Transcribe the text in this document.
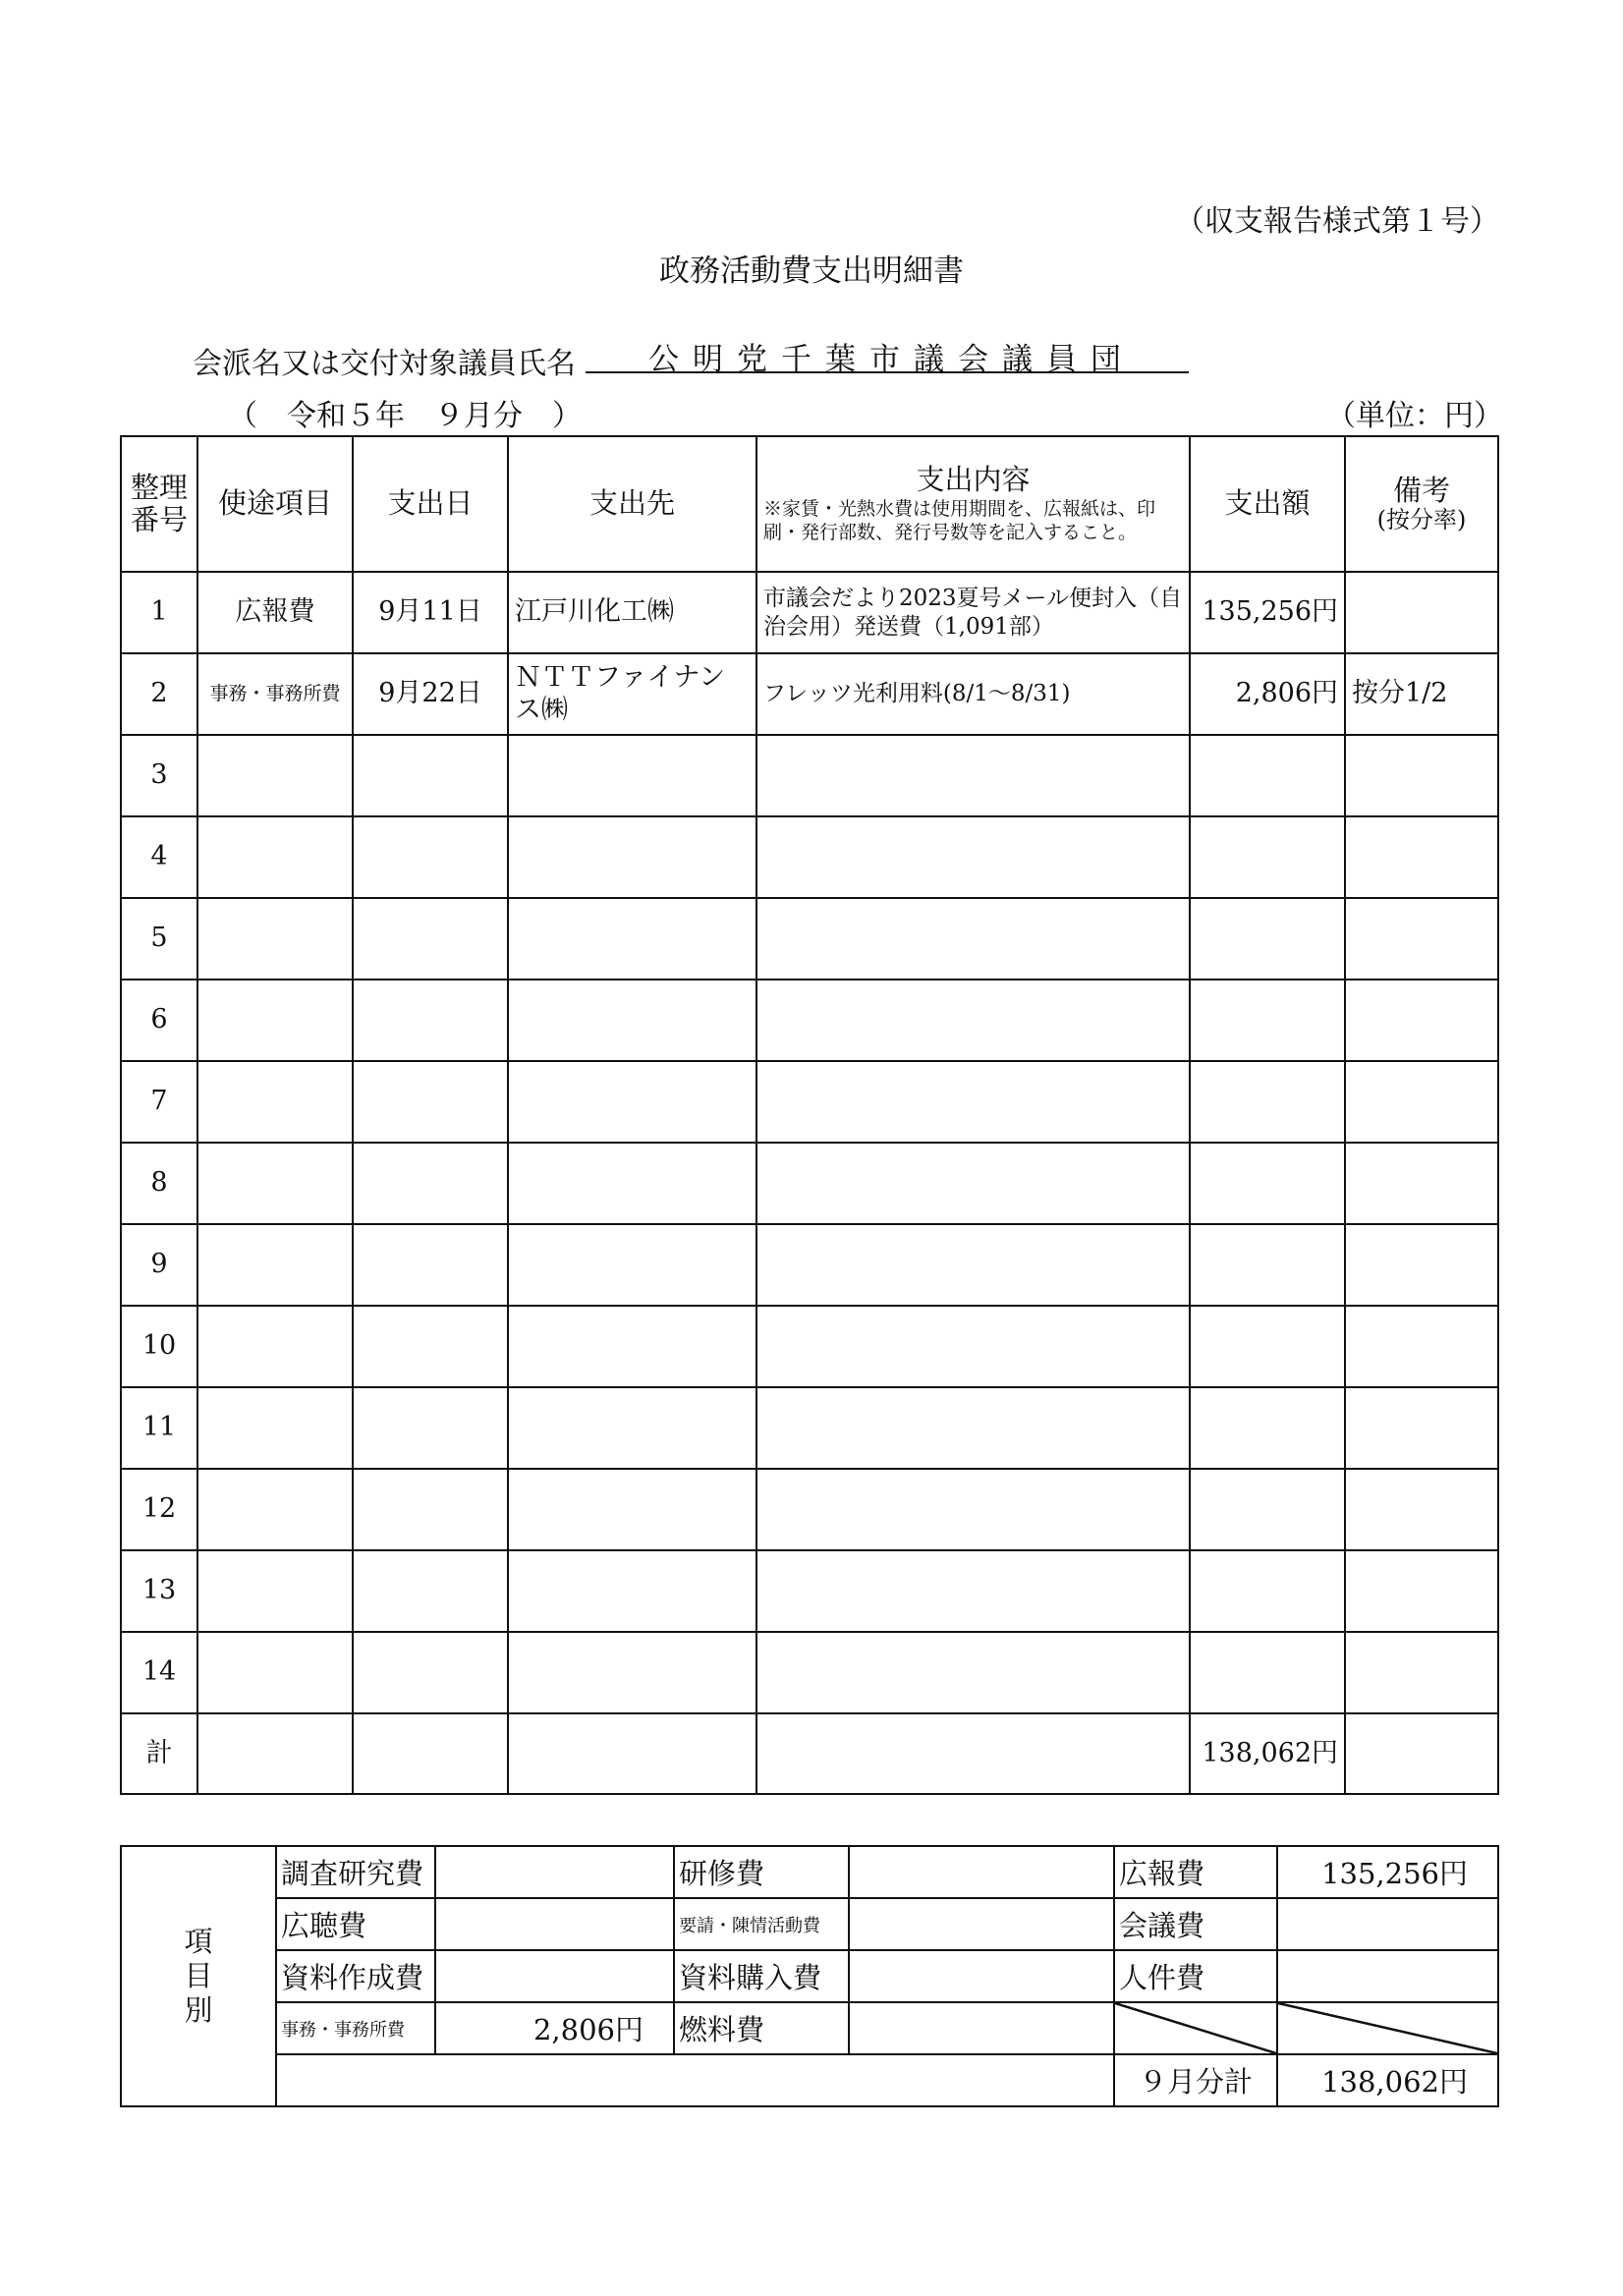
（収支報告様式第１号）
政務活動費支出明細書
会派名又は交付対象議員氏名	公明党千葉市議会議員団
（　令和５年　９月分　）	（単位：円）
整理番号	使途項目	支出日	支出先	支出内容
※家賃・光熱水費は使用期間を、広報紙は、印刷・発行部数、発行号数等を記入すること。	支出額	備考
(按分率)

1	広報費	9月11日	江戸川化工㈱	市議会だより2023夏号メール便封入（自治会用）発送費（1,091部）	135,256円	
2	事務・事務所費	9月22日	ＮＴＴファイナンス㈱	フレッツ光利用料(8/1～8/31)	2,806円	按分1/2
3						
4						
5						
6						
7						
8						
9						
10						
11						
12						
13						
14						
計					138,062円	
項目別	調査研究費		研修費		広報費	135,256円
	広聴費		要請・陳情活動費		会議費	
	資料作成費		資料購入費		人件費	
	事務・事務所費	2,806円	燃料費			
					９月分計	138,062円
